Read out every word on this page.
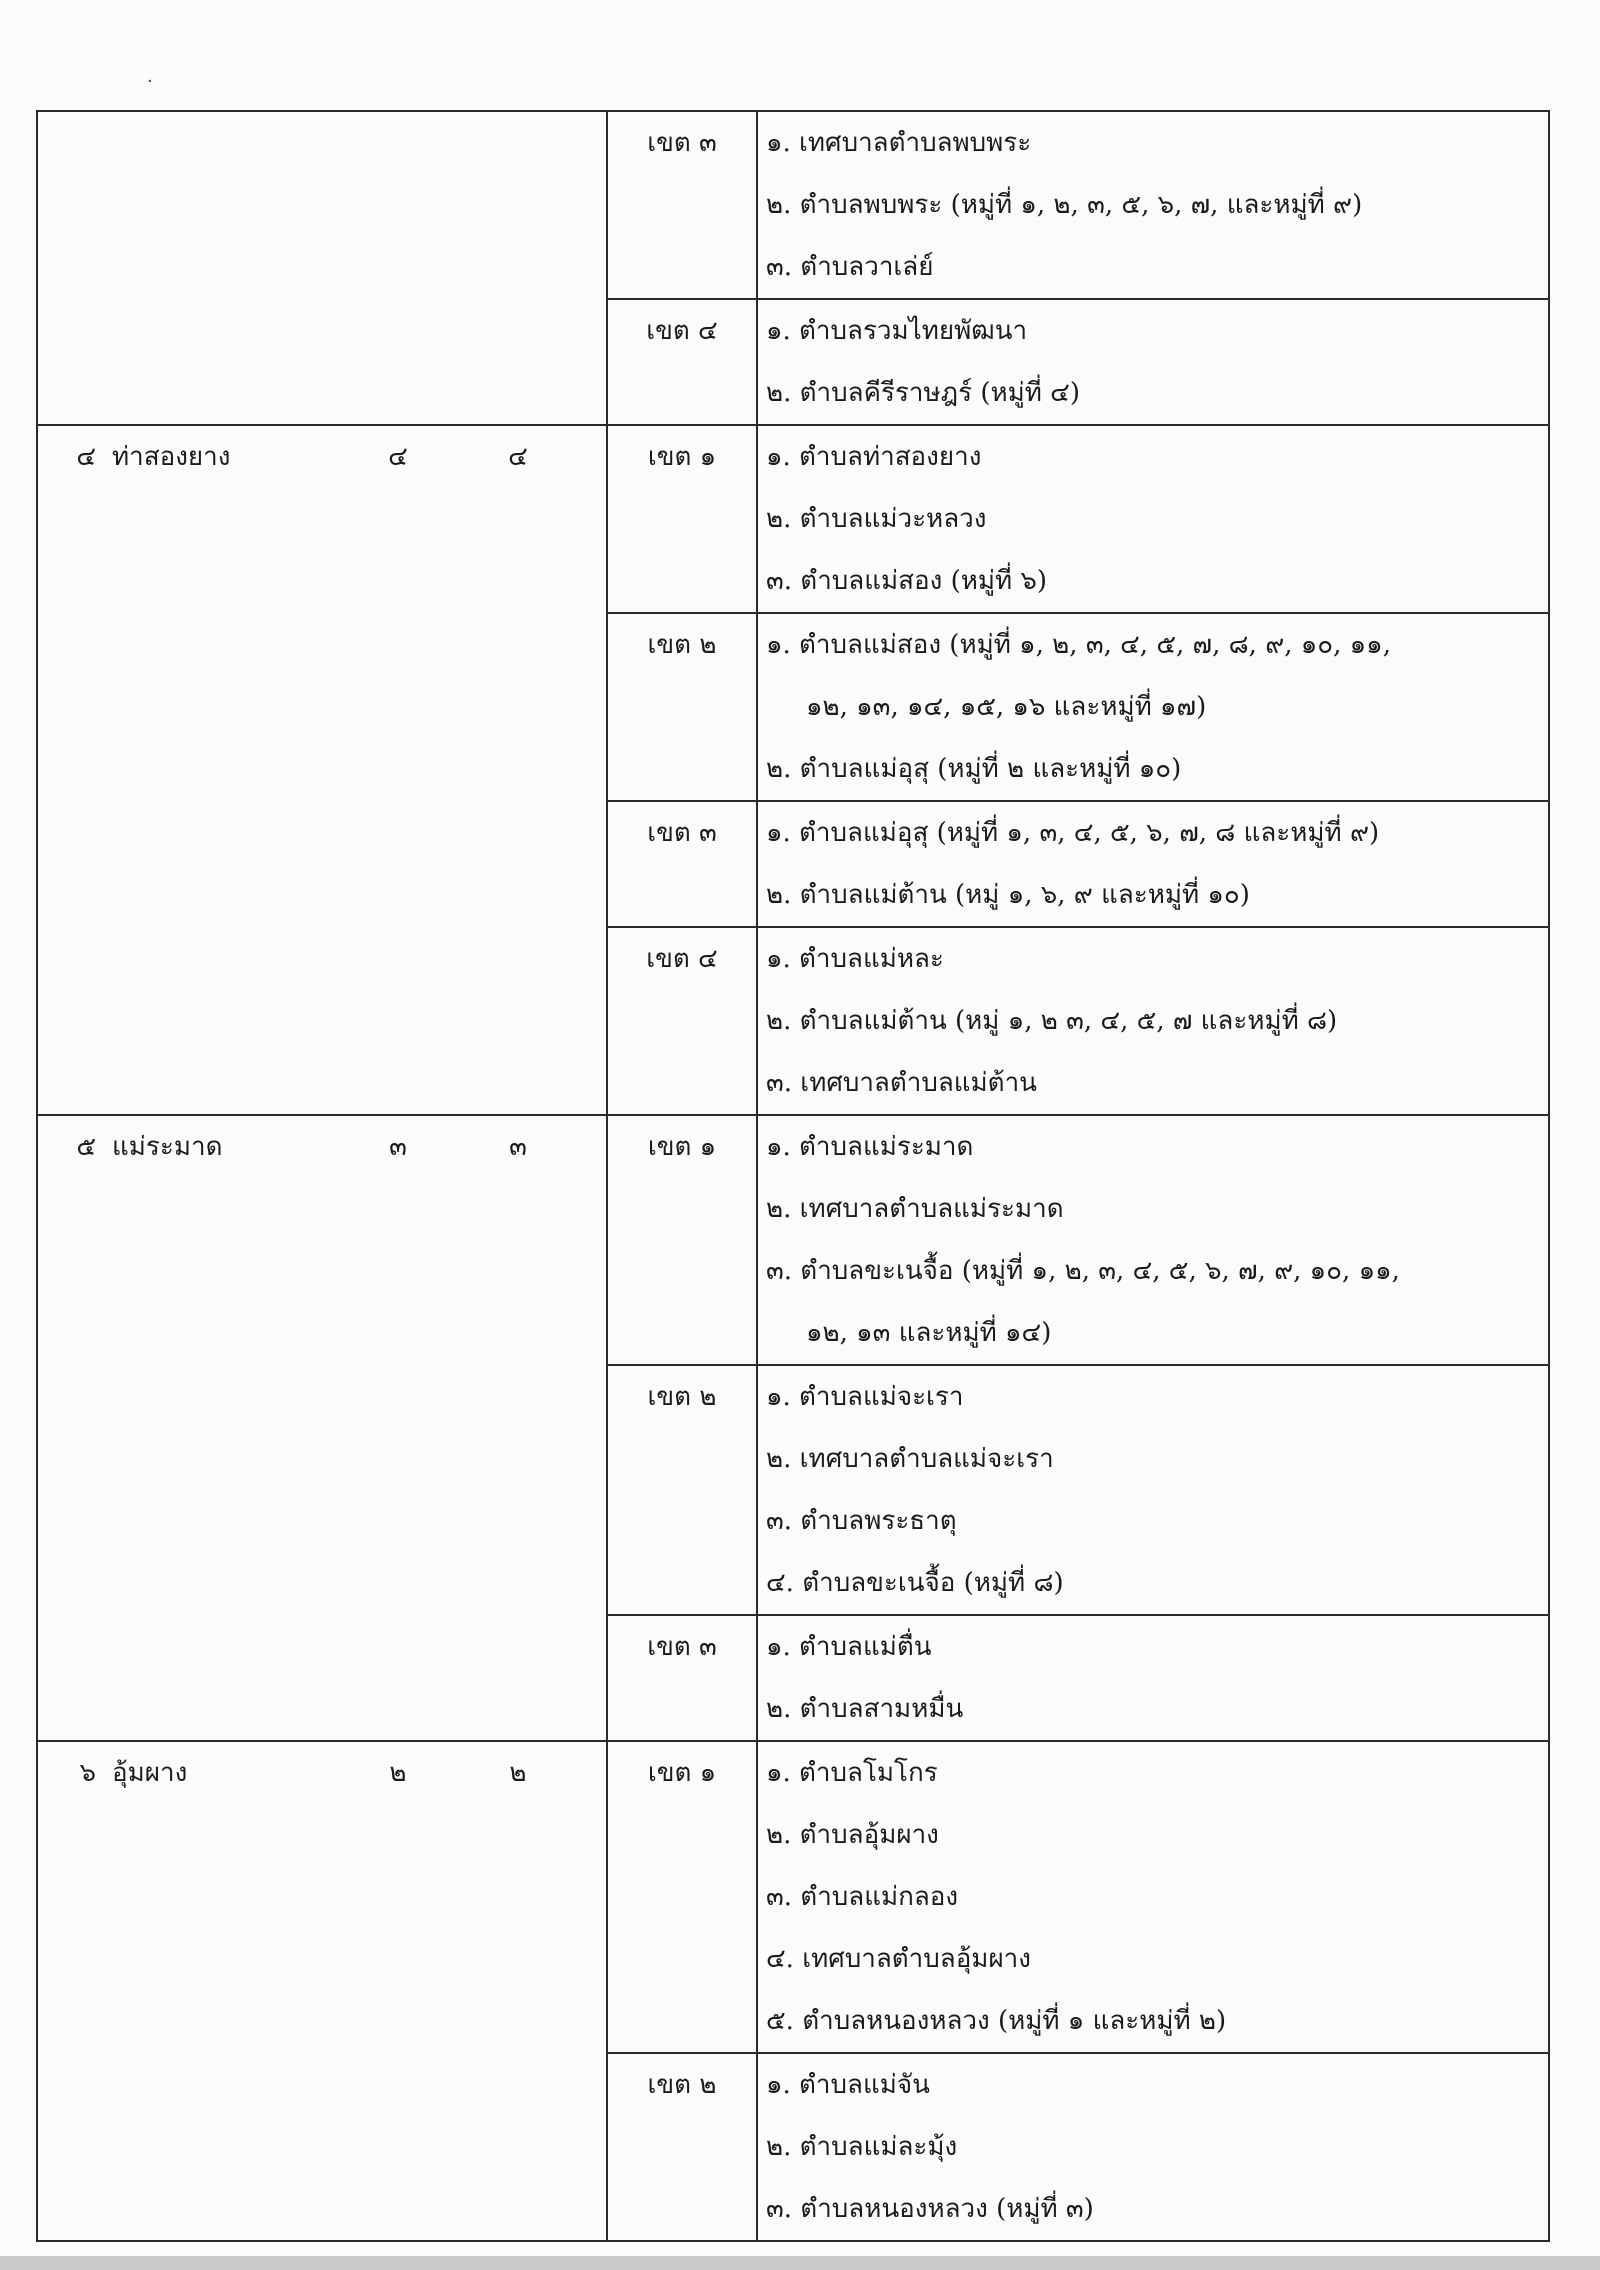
٠

	เขต ๓	๑. เทศบาลตำบลพบพระ
๒. ตำบลพบพระ (หมู่ที่ ๑, ๒, ๓, ๕, ๖, ๗, และหมู่ที่ ๙)
๓. ตำบลวาเล่ย์

	เขต ๔	๑. ตำบลรวมไทยพัฒนา
๒. ตำบลคีรีราษฎร์ (หมู่ที่ ๔)

๔ ท่าสองยาง ๔ ๔	เขต ๑	๑. ตำบลท่าสองยาง
๒. ตำบลแม่วะหลวง
๓. ตำบลแม่สอง (หมู่ที่ ๖)

	เขต ๒	๑. ตำบลแม่สอง (หมู่ที่ ๑, ๒, ๓, ๔, ๕, ๗, ๘, ๙, ๑๐, ๑๑,
๑๒, ๑๓, ๑๔, ๑๕, ๑๖ และหมู่ที่ ๑๗)
๒. ตำบลแม่อุสุ (หมู่ที่ ๒ และหมู่ที่ ๑๐)

	เขต ๓	๑. ตำบลแม่อุสุ (หมู่ที่ ๑, ๓, ๔, ๕, ๖, ๗, ๘ และหมู่ที่ ๙)
๒. ตำบลแม่ต้าน (หมู่ ๑, ๖, ๙ และหมู่ที่ ๑๐)

	เขต ๔	๑. ตำบลแม่หละ
๒. ตำบลแม่ต้าน (หมู่ ๑, ๒ ๓, ๔, ๕, ๗ และหมู่ที่ ๘)
๓. เทศบาลตำบลแม่ต้าน

๕ แม่ระมาด ๓ ๓	เขต ๑	๑. ตำบลแม่ระมาด
๒. เทศบาลตำบลแม่ระมาด
๓. ตำบลขะเนจื้อ (หมู่ที่ ๑, ๒, ๓, ๔, ๕, ๖, ๗, ๙, ๑๐, ๑๑,
๑๒, ๑๓ และหมู่ที่ ๑๔)

	เขต ๒	๑. ตำบลแม่จะเรา
๒. เทศบาลตำบลแม่จะเรา
๓. ตำบลพระธาตุ
๔. ตำบลขะเนจื้อ (หมู่ที่ ๘)

	เขต ๓	๑. ตำบลแม่ตื่น
๒. ตำบลสามหมื่น

๖ อุ้มผาง ๒ ๒	เขต ๑	๑. ตำบลโมโกร
๒. ตำบลอุ้มผาง
๓. ตำบลแม่กลอง
๔. เทศบาลตำบลอุ้มผาง
๕. ตำบลหนองหลวง (หมู่ที่ ๑ และหมู่ที่ ๒)

	เขต ๒	๑. ตำบลแม่จัน
๒. ตำบลแม่ละมุ้ง
๓. ตำบลหนองหลวง (หมู่ที่ ๓)
